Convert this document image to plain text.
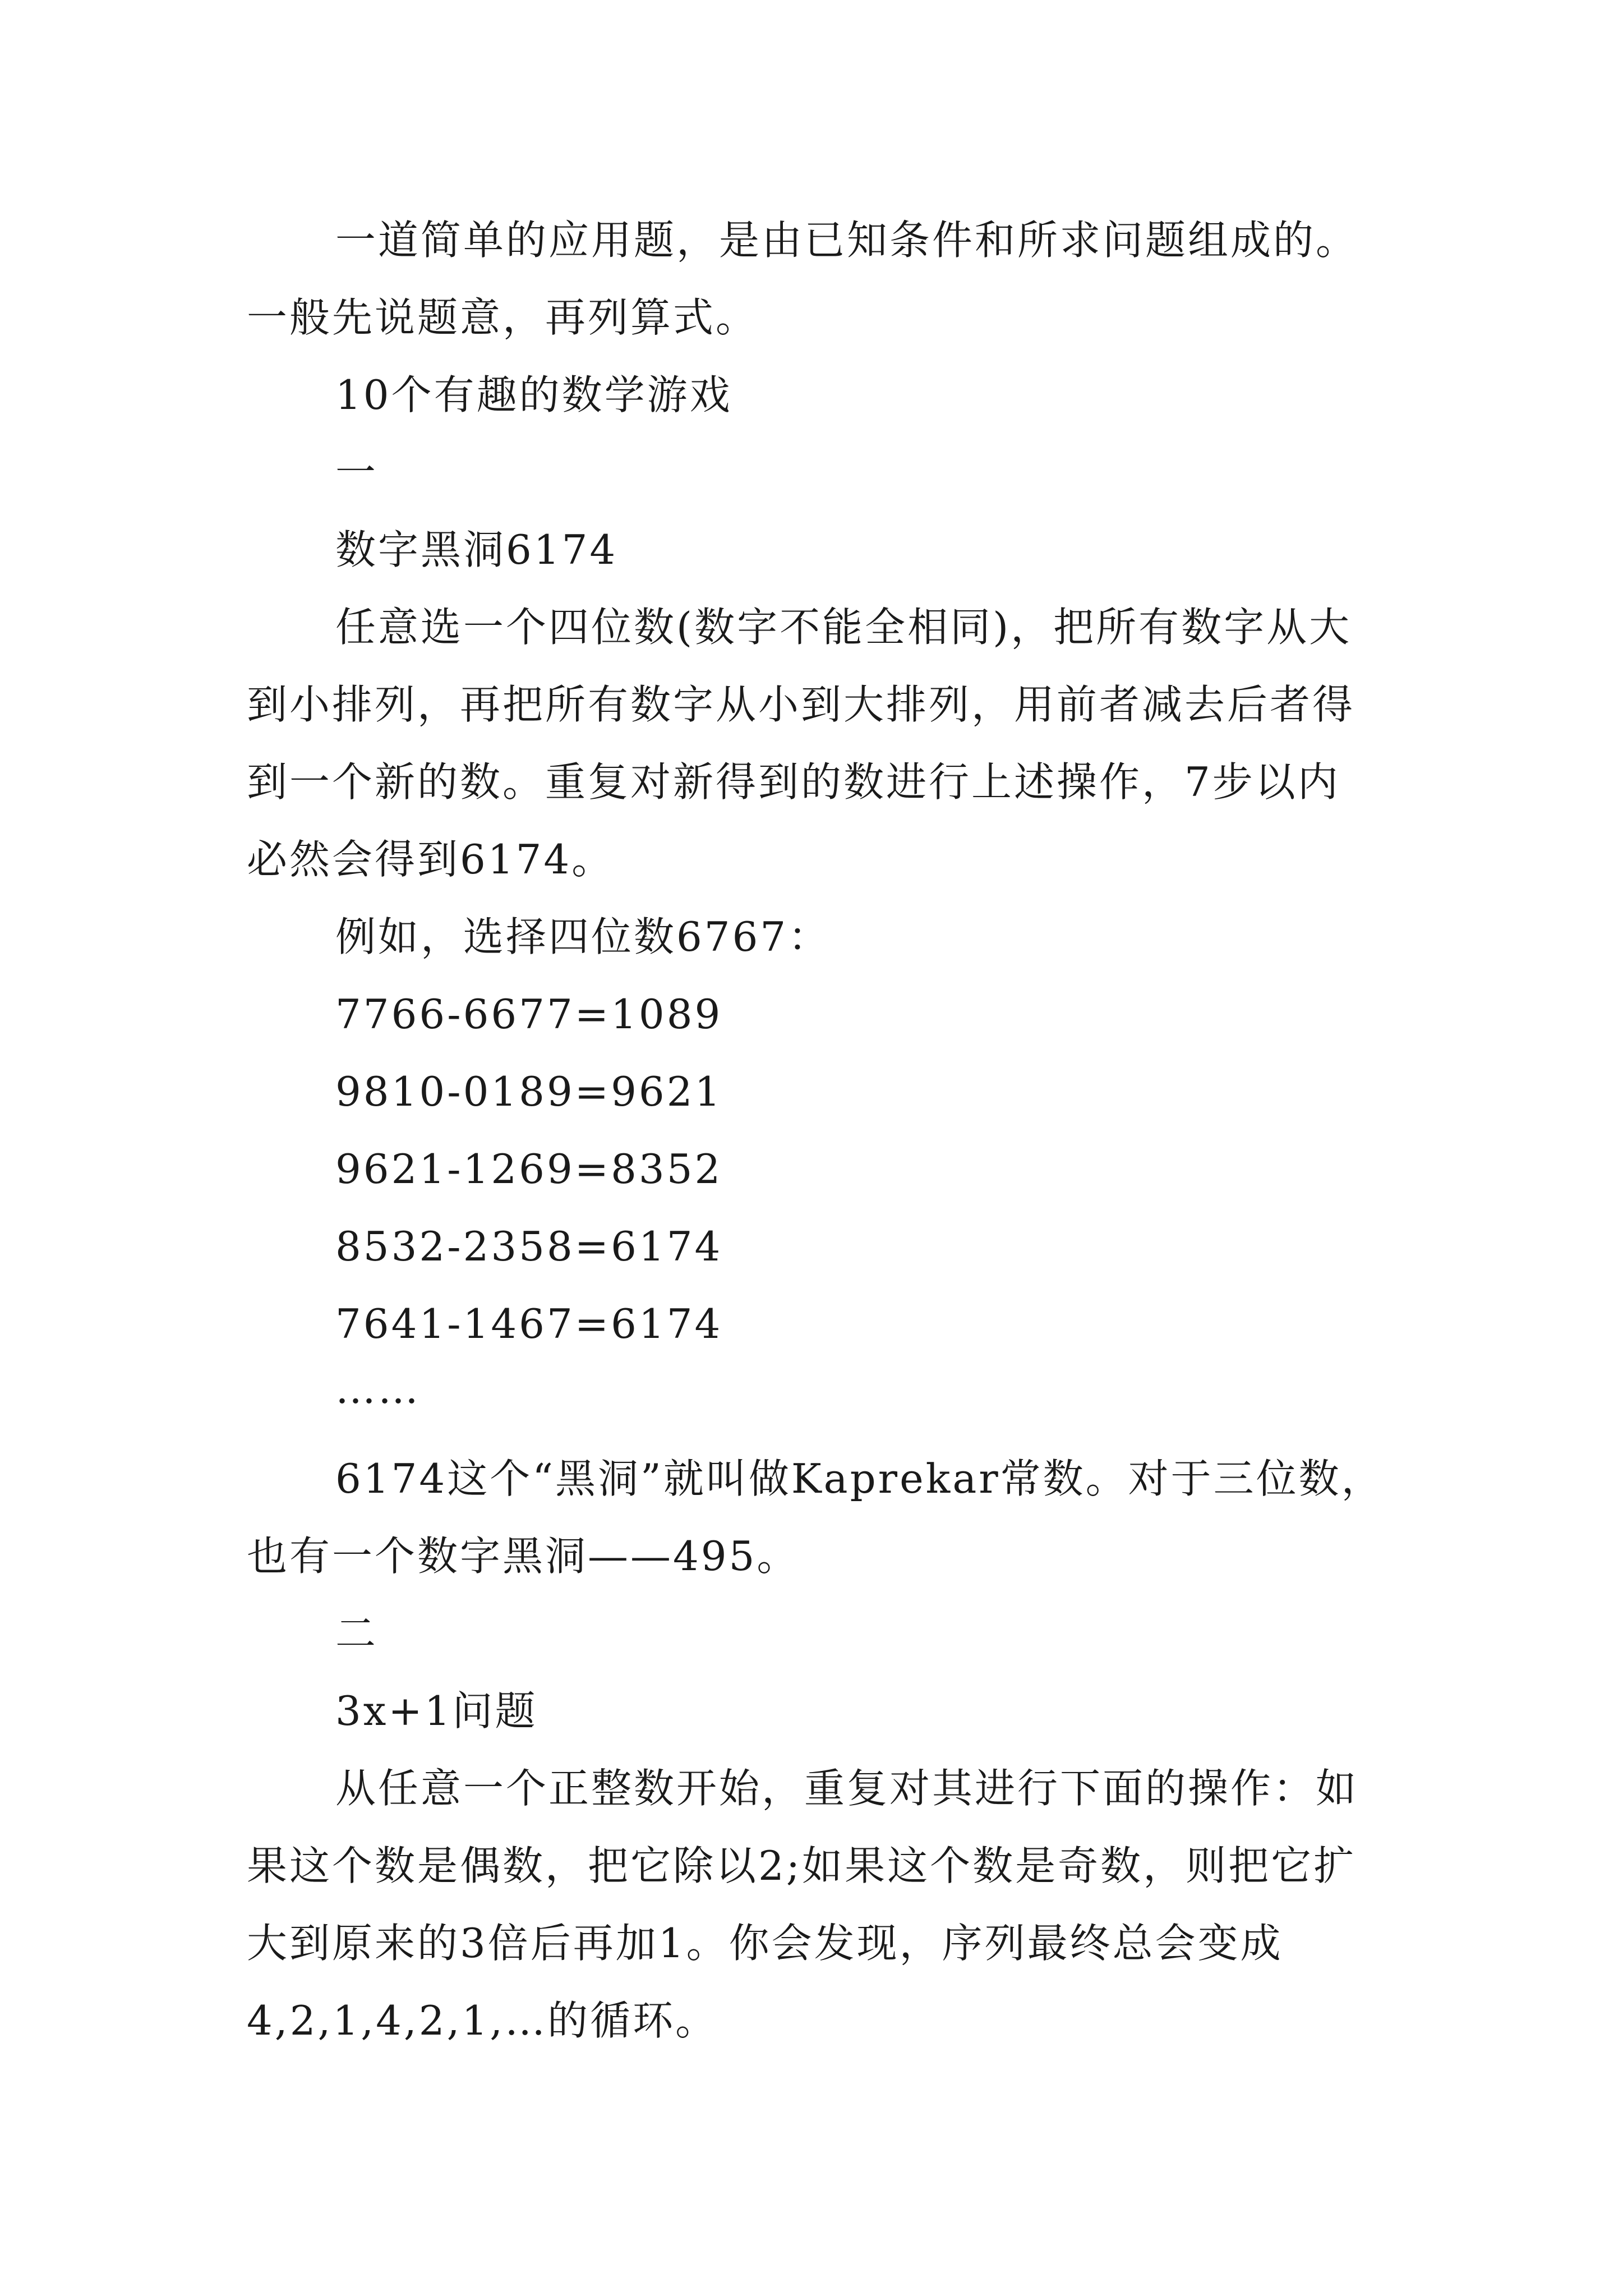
一道简单的应用题，是由已知条件和所求问题组成的。
一般先说题意，再列算式。
10个有趣的数学游戏
一
数字黑洞6174
任意选一个四位数(数字不能全相同)，把所有数字从大
到小排列，再把所有数字从小到大排列，用前者减去后者得
到一个新的数。重复对新得到的数进行上述操作，7步以内
必然会得到6174。
例如，选择四位数6767：
7766-6677=1089
9810-0189=9621
9621-1269=8352
8532-2358=6174
7641-1467=6174
……
6174这个“黑洞”就叫做Kaprekar常数。对于三位数，
也有一个数字黑洞——495。
二
3x+1问题
从任意一个正整数开始，重复对其进行下面的操作：如
果这个数是偶数，把它除以2;如果这个数是奇数，则把它扩
大到原来的3倍后再加1。你会发现，序列最终总会变成
4,2,1,4,2,1,…的循环。
